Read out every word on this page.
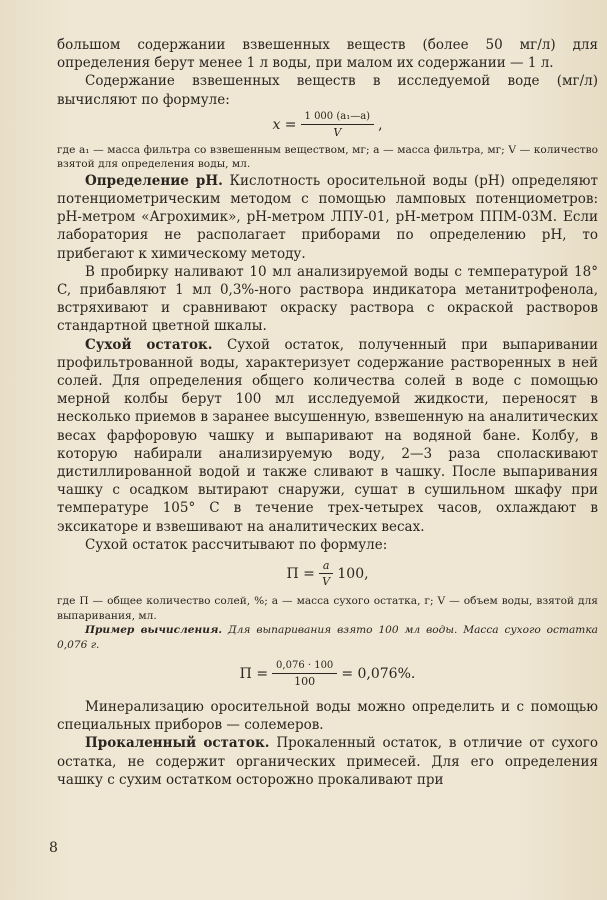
большом содержании взвешенных веществ (более 50 мг/л) для определения берут менее 1 л воды, при малом их содержании — 1 л.

Содержание взвешенных веществ в исследуемой воде (мг/л) вычисляют по формуле:

$x = \frac{\text{1 000 (a₁—a)}}{V}$ ,

где a₁ — масса фильтра со взвешенным веществом, мг; a — масса фильтра, мг; V — количество взятой для определения воды, мл.

Определение pH. Кислотность оросительной воды (pH) определяют потенциометрическим методом с помощью ламповых потенциометров: pH-метром «Агрохимик», pH-метром ЛПУ-01, pH-метром ППМ-03М. Если лаборатория не располагает приборами по определению pH, то прибегают к химическому методу.

В пробирку наливают 10 мл анализируемой воды с температурой 18° C, прибавляют 1 мл 0,3%-ного раствора индикатора метанитрофенола, встряхивают и сравнивают окраску раствора с окраской растворов стандартной цветной шкалы.

Сухой остаток. Сухой остаток, полученный при выпаривании профильтрованной воды, характеризует содержание растворенных в ней солей. Для определения общего количества солей в воде с помощью мерной колбы берут 100 мл исследуемой жидкости, переносят в несколько приемов в заранее высушенную, взвешенную на аналитических весах фарфоровую чашку и выпаривают на водяной бане. Колбу, в которую набирали анализируемую воду, 2—3 раза споласкивают дистиллированной водой и также сливают в чашку. После выпаривания чашку с осадком вытирают снаружи, сушат в сушильном шкафу при температуре 105° C в течение трех-четырех часов, охлаждают в эксикаторе и взвешивают на аналитических весах.

Сухой остаток рассчитывают по формуле:

$П = \frac{a}{V} 100$,

где П — общее количество солей, %; a — масса сухого остатка, г; V — объем воды, взятой для выпаривания, мл.

Пример вычисления. Для выпаривания взято 100 мл воды. Масса сухого остатка 0,076 г.

$П = \frac{0,076 \cdot 100}{100} = 0,076\%$.

Минерализацию оросительной воды можно определить и с помощью специальных приборов — солемеров.

Прокаленный остаток. Прокаленный остаток, в отличие от сухого остатка, не содержит органических примесей. Для его определения чашку с сухим остатком осторожно прокаливают при

8
